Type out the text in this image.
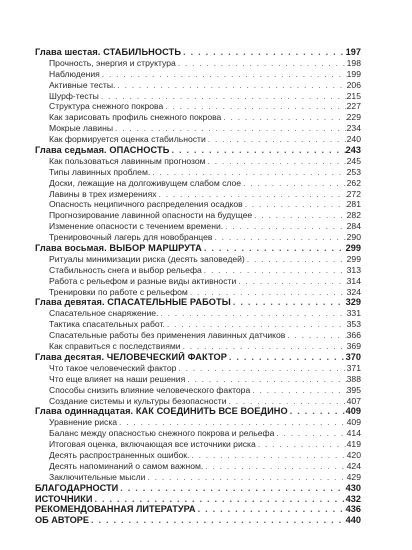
Глава шестая. СТАБИЛЬНОСТЬ . . .	197
Прочность, энергия и структура . . .	198
Наблюдения . . .	199
Активные тесты. . . .	206
Шурф-тесты . . .	215
Структура снежного покрова . . .	227
Как зарисовать профиль снежного покрова . . .	229
Мокрые лавины . . .	234
Как формируется оценка стабильности . . .	240
Глава седьмая. ОПАСНОСТЬ . . .	243
Как пользоваться лавинным прогнозом . . .	245
Типы лавинных проблем. . . .	253
Доски, лежащие на долгоживущем слабом слое . . .	262
Лавины в трех измерениях . . .	272
Опасность неципичного распределения осадков . . .	281
Прогнозирование лавинной опасности на будущее . . .	282
Изменение опасности с течением времени. . . .	284
Тренировочный лагерь для новобранцев . . .	290
Глава восьмая. ВЫБОР МАРШРУТА . . .	299
Ритуалы минимизации риска (десять заповедей) . . .	299
Стабильность снега и выбор рельефа . . .	313
Работа с рельефом и разные виды активности . . .	314
Тренировки по работе с рельефом . . .	324
Глава девятая. СПАСАТЕЛЬНЫЕ РАБОТЫ . . .	329
Спасательное снаряжение. . . .	331
Тактика спасательных работ. . . .	353
Спасательные работы без применения лавинных датчиков . . .	366
Как справиться с последствиями . . .	369
Глава десятая. ЧЕЛОВЕЧЕСКИЙ ФАКТОР . . .	370
Что такое человеческий фактор . . .	371
Что еще влияет на наши решения . . .	388
Способы снизить влияние человеческого фактора . . .	395
Создание системы и культуры безопасности . . .	407
Глава одиннадцатая. КАК СОЕДИНИТЬ ВСЕ ВОЕДИНО . . .	409
Уравнение риска . . .	409
Баланс между опасностью снежного покрова и рельефа . . .	414
Итоговая оценка, включающая все источники риска . . .	419
Десять распространенных ошибок. . . .	420
Десять напоминаний о самом важном. . . .	424
Заключительные мысли . . .	429
БЛАГОДАРНОСТИ . . .	430
ИСТОЧНИКИ . . .	432
РЕКОМЕНДОВАННАЯ ЛИТЕРАТУРА . . .	436
ОБ АВТОРЕ . . .	440
